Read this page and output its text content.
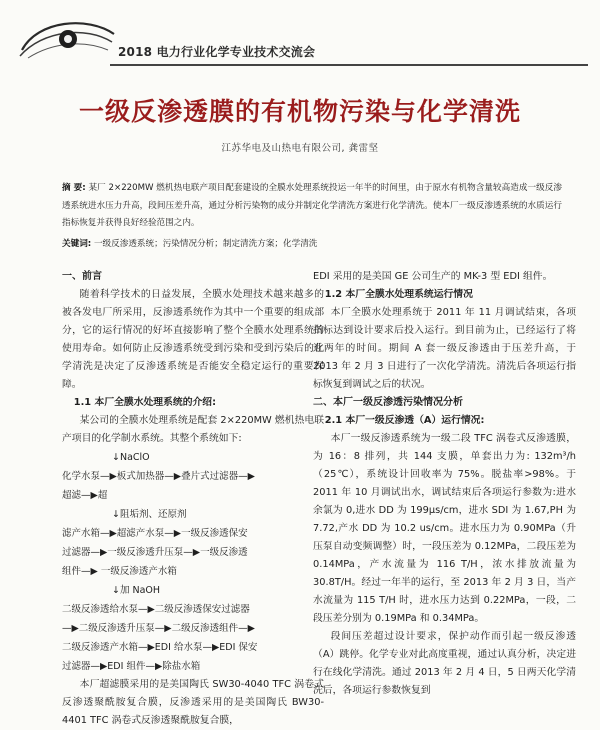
2018 电力行业化学专业技术交流会
一级反渗透膜的有机物污染与化学清洗
江苏华电及山热电有限公司, 龚雷坚
摘 要: 某厂 2×220MW 燃机热电联产项目配套建设的全膜水处理系统投运一年半的时间里，由于原水有机物含量较高造成一级反渗透系统进水压力升高，段间压差升高，通过分析污染物的成分并制定化学清洗方案进行化学清洗。使本厂一级反渗透系统的水质运行指标恢复并获得良好经验范围之内。
关键词: 一级反渗透系统；污染情况分析；制定清洗方案；化学清洗
一、前言

随着科学技术的日益发展，全膜水处理技术越来越多的被各发电厂所采用，反渗透系统作为其中一个重要的组成部分，它的运行情况的好坏直接影响了整个全膜水处理系统的使用寿命。如何防止反渗透系统受到污染和受到污染后的化学清洗是决定了反渗透系统是否能安全稳定运行的重要保障。

1.1 本厂全膜水处理系统的介绍:

某公司的全膜水处理系统是配套 2×220MW 燃机热电联产项目的化学制水系统。其整个系统如下:

↓NaClO
化学水泵—▶板式加热器—▶叠片式过滤器—▶
超滤—▶超
↓阻垢剂、还原剂
滤产水箱—▶超滤产水泵—▶一级反渗透保安
过滤器—▶一级反渗透升压泵—▶一级反渗透
组件—▶ 一级反渗透产水箱
↓加 NaOH
二级反渗透给水泵—▶二级反渗透保安过滤器
—▶二级反渗透升压泵—▶二级反渗透组件—▶
二级反渗透产水箱—▶EDI 给水泵—▶EDI 保安
过滤器—▶EDI 组件—▶除盐水箱

本厂超滤膜采用的是美国陶氏 SW30-4040 TFC 涡卷式反渗透聚酰胺复合膜，反渗透采用的是美国陶氏 BW30-4401 TFC 涡卷式反渗透聚酰胺复合膜，

EDI 采用的是美国 GE 公司生产的 MK-3 型 EDI 组件。

1.2 本厂全膜水处理系统运行情况

本厂全膜水处理系统于 2011 年 11 月调试结束，各项指标达到设计要求后投入运行。到目前为止，已经运行了将近两年的时间。期间 A 套一级反渗透由于压差升高，于 2013 年 2 月 3 日进行了一次化学清洗。清洗后各项运行指标恢复到调试之后的状况。

二、本厂一级反渗透污染情况分析
2.1 本厂一级反渗透（A）运行情况:

本厂一级反渗透系统为一级二段 TFC 涡卷式反渗透膜，为 16：8 排列，共 144 支膜，单套出力为: 132m³/h（25℃），系统设计回收率为 75%。脱盐率>98%。于 2011 年 10 月调试出水，调试结束后各项运行参数为:进水余氯为 0,进水 DD 为 199μs/cm，进水 SDI 为 1.67,PH 为 7.72,产水 DD 为 10.2 us/cm。进水压力为 0.90MPa（升压泵自动变频调整）时，一段压差为 0.12MPa，二段压差为 0.14MPa，产水流量为 116 T/H，浓水排放流量为 30.8T/H。经过一年半的运行，至 2013 年 2 月 3 日，当产水流量为 115 T/H 时，进水压力达到 0.22MPa，一段，二段压差分别为 0.19MPa 和 0.34MPa。

段间压差超过设计要求，保护动作而引起一级反渗透（A）跳停。化学专业对此高度重视，通过认真分析，决定进行在线化学清洗。通过 2013 年 2 月 4 日，5 日两天化学清洗后，各项运行参数恢复到
